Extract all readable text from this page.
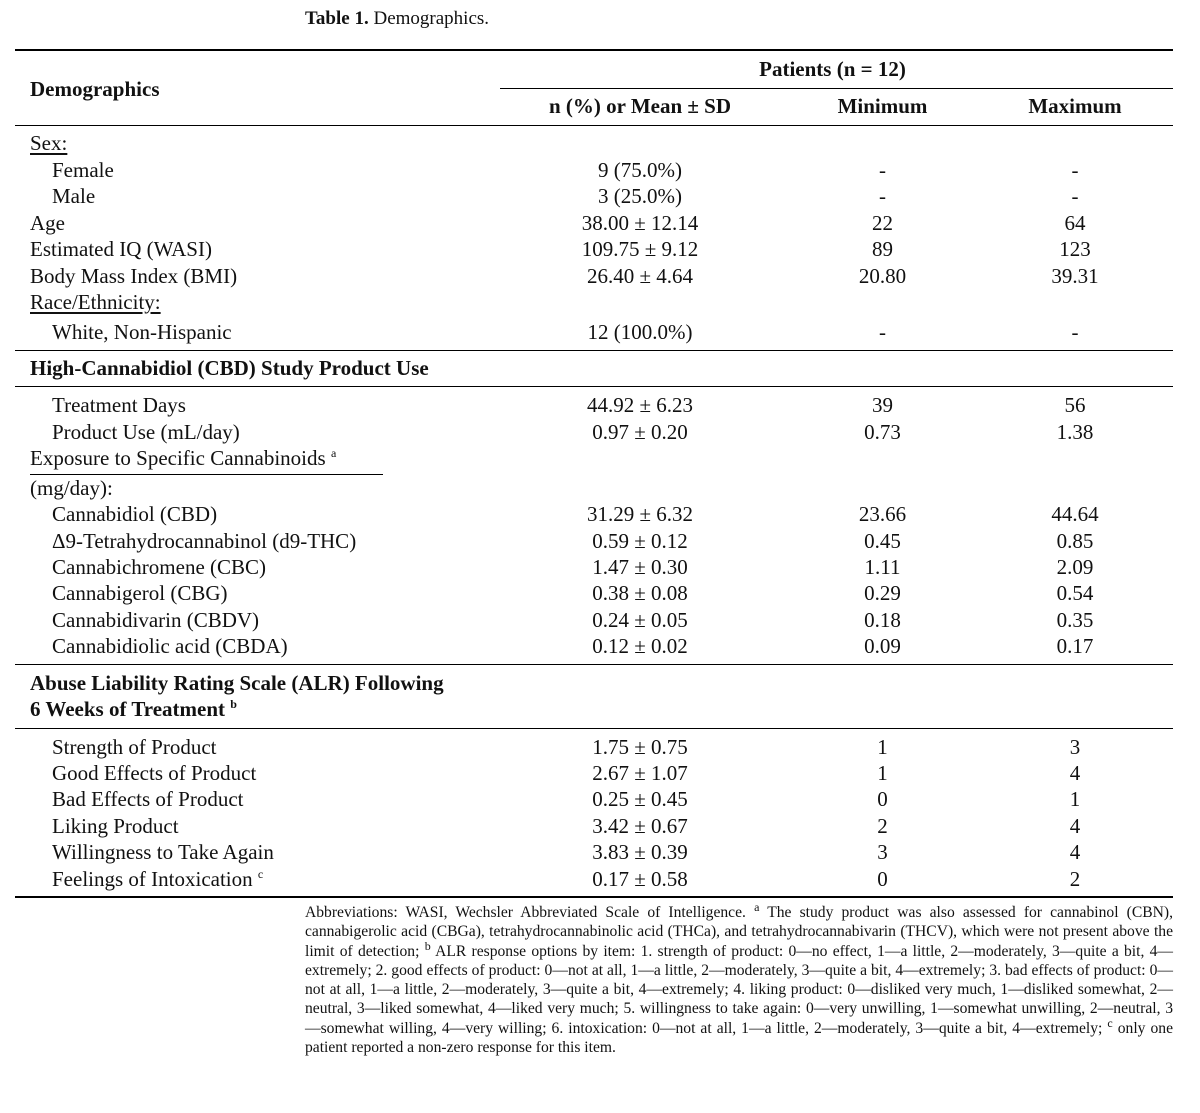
Table 1. Demographics.
Demographics
Patients (n = 12)
n (%) or Mean ± SD	Minimum	Maximum
Sex:
Female	9 (75.0%)	-	-
Male	3 (25.0%)	-	-
Age	38.00 ± 12.14	22	64
Estimated IQ (WASI)	109.75 ± 9.12	89	123
Body Mass Index (BMI)	26.40 ± 4.64	20.80	39.31
Race/Ethnicity:
White, Non-Hispanic	12 (100.0%)	-	-
High-Cannabidiol (CBD) Study Product Use
Treatment Days	44.92 ± 6.23	39	56
Product Use (mL/day)	0.97 ± 0.20	0.73	1.38
Exposure to Specific Cannabinoids $^a$
(mg/day):
Cannabidiol (CBD)	31.29 ± 6.32	23.66	44.64
Δ9-Tetrahydrocannabinol (d9-THC)	0.59 ± 0.12	0.45	0.85
Cannabichromene (CBC)	1.47 ± 0.30	1.11	2.09
Cannabigerol (CBG)	0.38 ± 0.08	0.29	0.54
Cannabidivarin (CBDV)	0.24 ± 0.05	0.18	0.35
Cannabidiolic acid (CBDA)	0.12 ± 0.02	0.09	0.17
Abuse Liability Rating Scale (ALR) Following
6 Weeks of Treatment $^b$
Strength of Product	1.75 ± 0.75	1	3
Good Effects of Product	2.67 ± 1.07	1	4
Bad Effects of Product	0.25 ± 0.45	0	1
Liking Product	3.42 ± 0.67	2	4
Willingness to Take Again	3.83 ± 0.39	3	4
Feelings of Intoxication $^c$	0.17 ± 0.58	0	2
Abbreviations: WASI, Wechsler Abbreviated Scale of Intelligence. $^a$ The study product was also assessed for cannabinol (CBN), cannabigerolic acid (CBGa), tetrahydrocannabinolic acid (THCa), and tetrahydrocannabivarin (THCV), which were not present above the limit of detection; $^b$ ALR response options by item: 1. strength of product: 0—no effect, 1—a little, 2—moderately, 3—quite a bit, 4—extremely; 2. good effects of product: 0—not at all, 1—a little, 2—moderately, 3—quite a bit, 4—extremely; 3. bad effects of product: 0—not at all, 1—a little, 2—moderately, 3—quite a bit, 4—extremely; 4. liking product: 0—disliked very much, 1—disliked somewhat, 2—neutral, 3—liked somewhat, 4—liked very much; 5. willingness to take again: 0—very unwilling, 1—somewhat unwilling, 2—neutral, 3—somewhat willing, 4—very willing; 6. intoxication: 0—not at all, 1—a little, 2—moderately, 3—quite a bit, 4—extremely; $^c$ only one patient reported a non-zero response for this item.
